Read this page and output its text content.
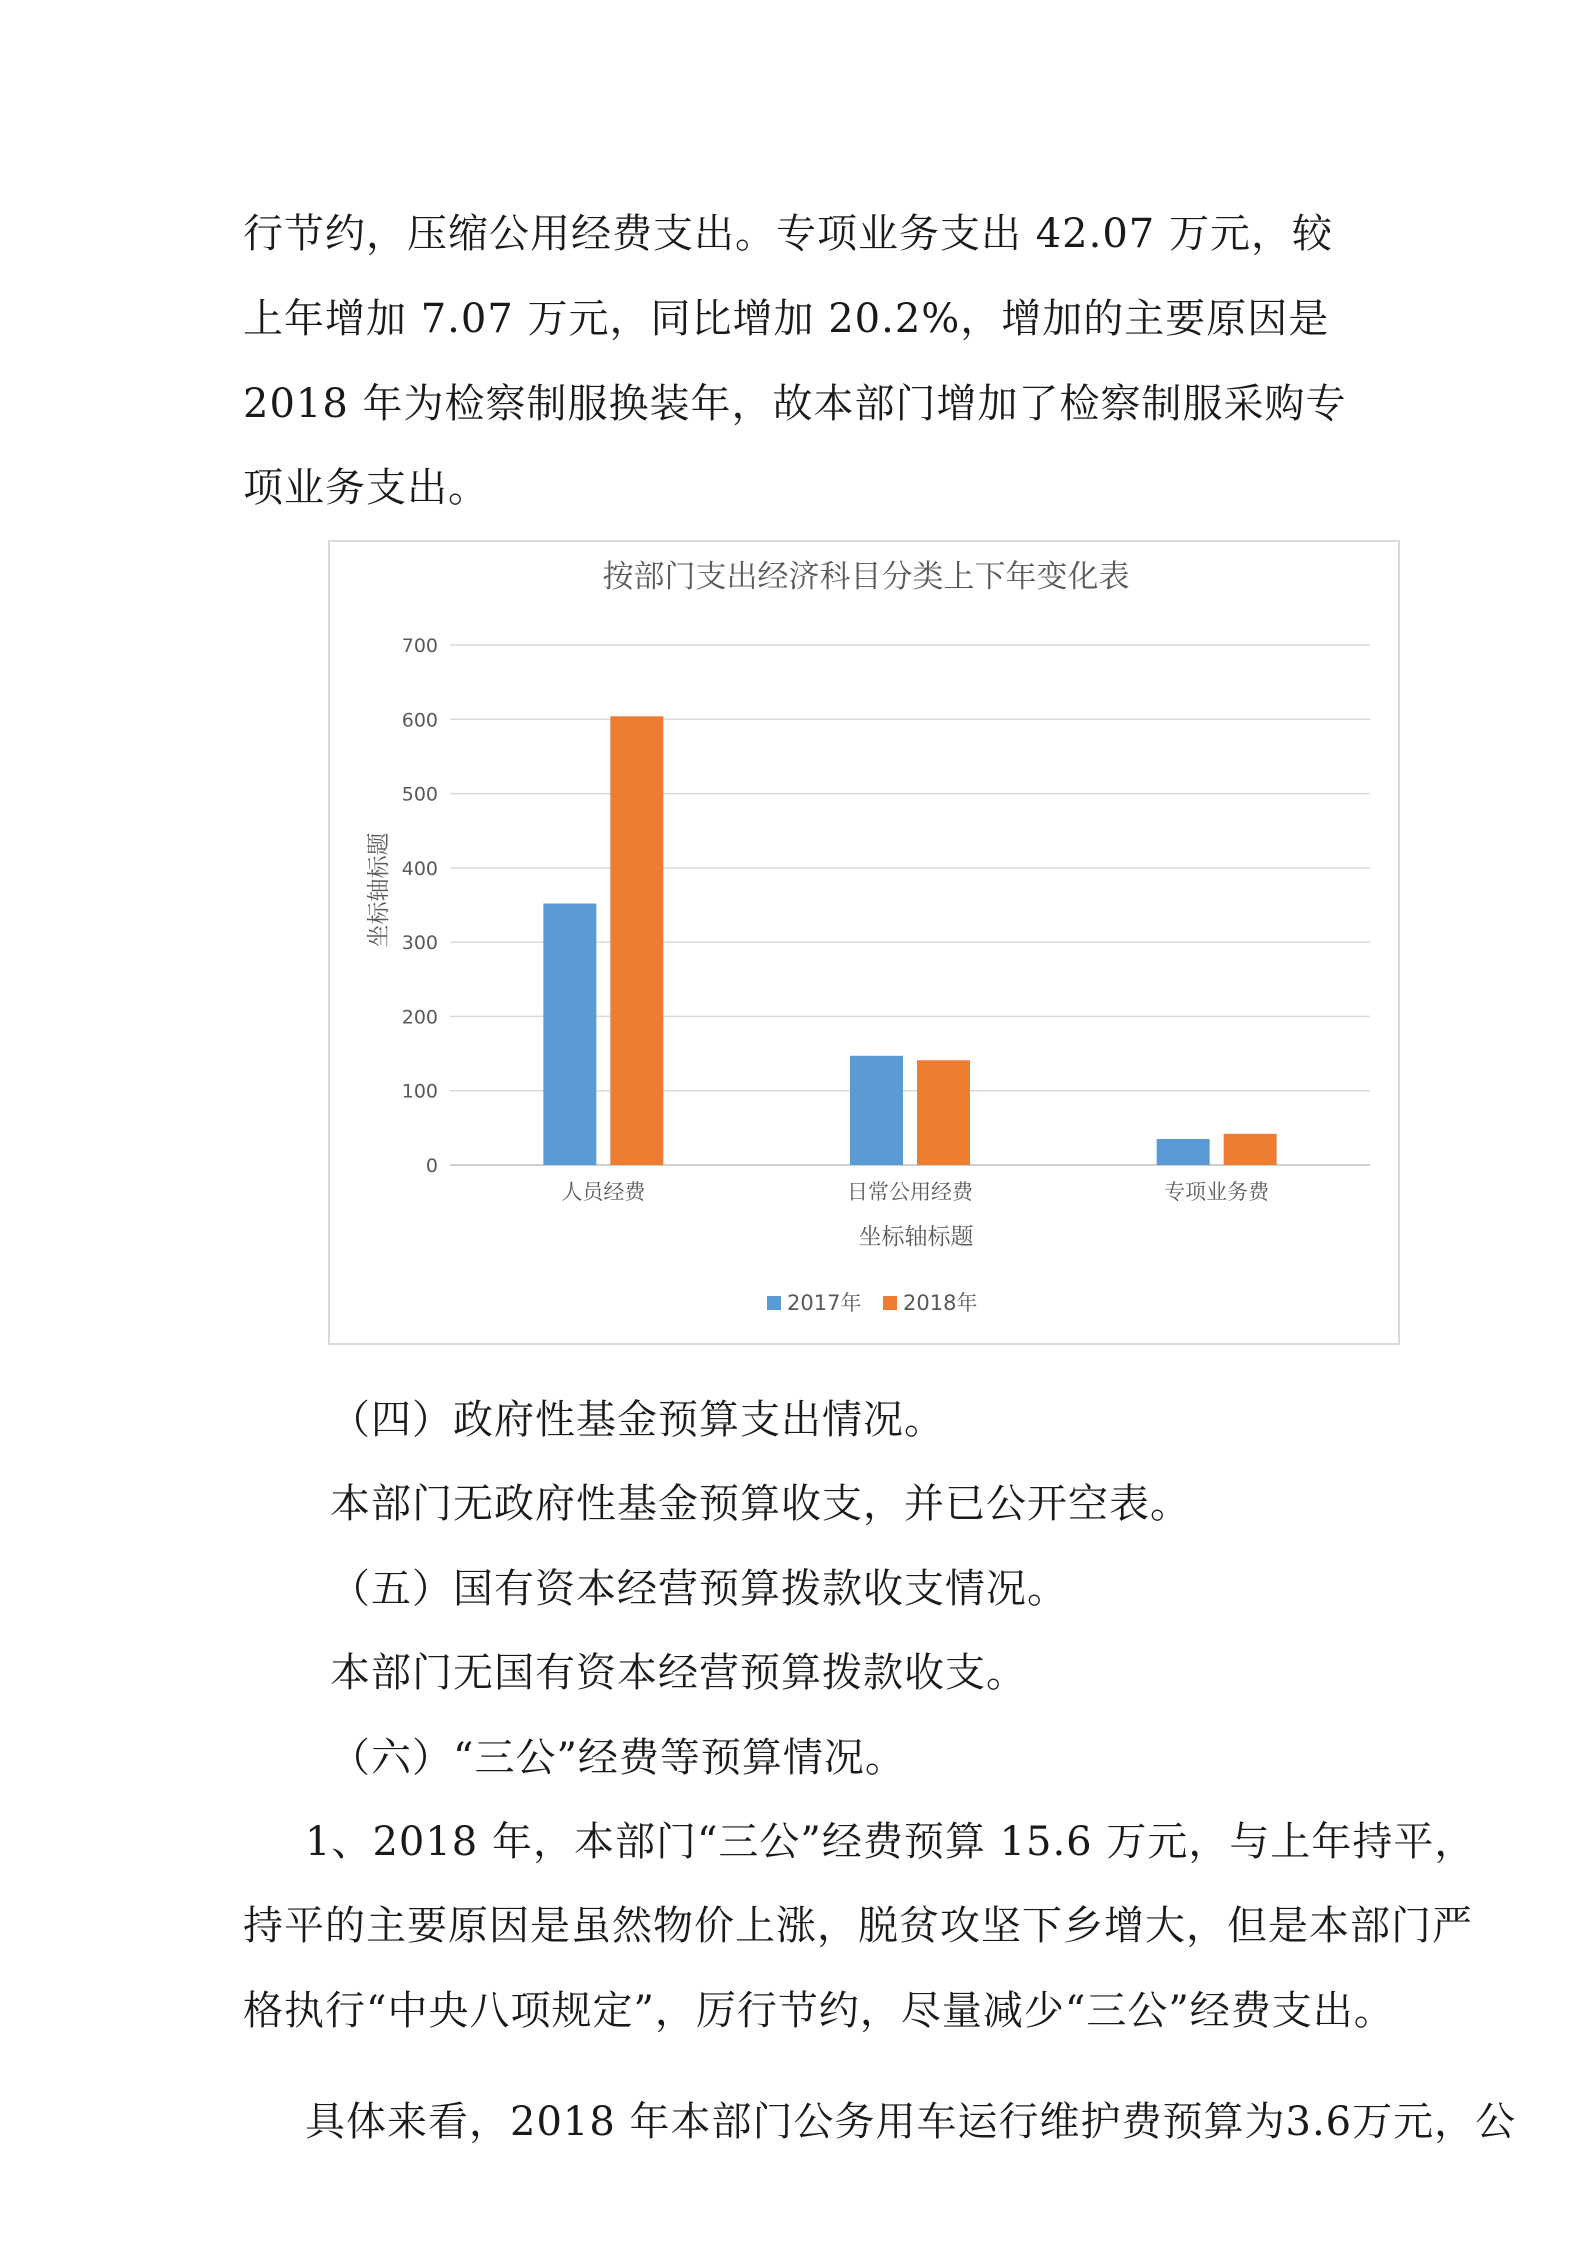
行节约，压缩公用经费支出。专项业务支出 42.07 万元，较
上年增加 7.07 万元，同比增加 20.2%，增加的主要原因是
2018 年为检察制服换装年，故本部门增加了检察制服采购专
项业务支出。
按部门支出经济科目分类上下年变化表
0
100
200
300
400
500
600
700
人员经费	日常公用经费	专项业务费
坐标轴标题
坐标轴标题
2017年 2018年
（四）政府性基金预算支出情况。
本部门无政府性基金预算收支，并已公开空表。
（五）国有资本经营预算拨款收支情况。
本部门无国有资本经营预算拨款收支。
（六）“三公”经费等预算情况。
1、2018 年，本部门“三公”经费预算 15.6 万元，与上年持平，
持平的主要原因是虽然物价上涨，脱贫攻坚下乡增大，但是本部门严
格执行“中央八项规定”，厉行节约，尽量减少“三公”经费支出。
具体来看，2018 年本部门公务用车运行维护费预算为3.6万元，公
